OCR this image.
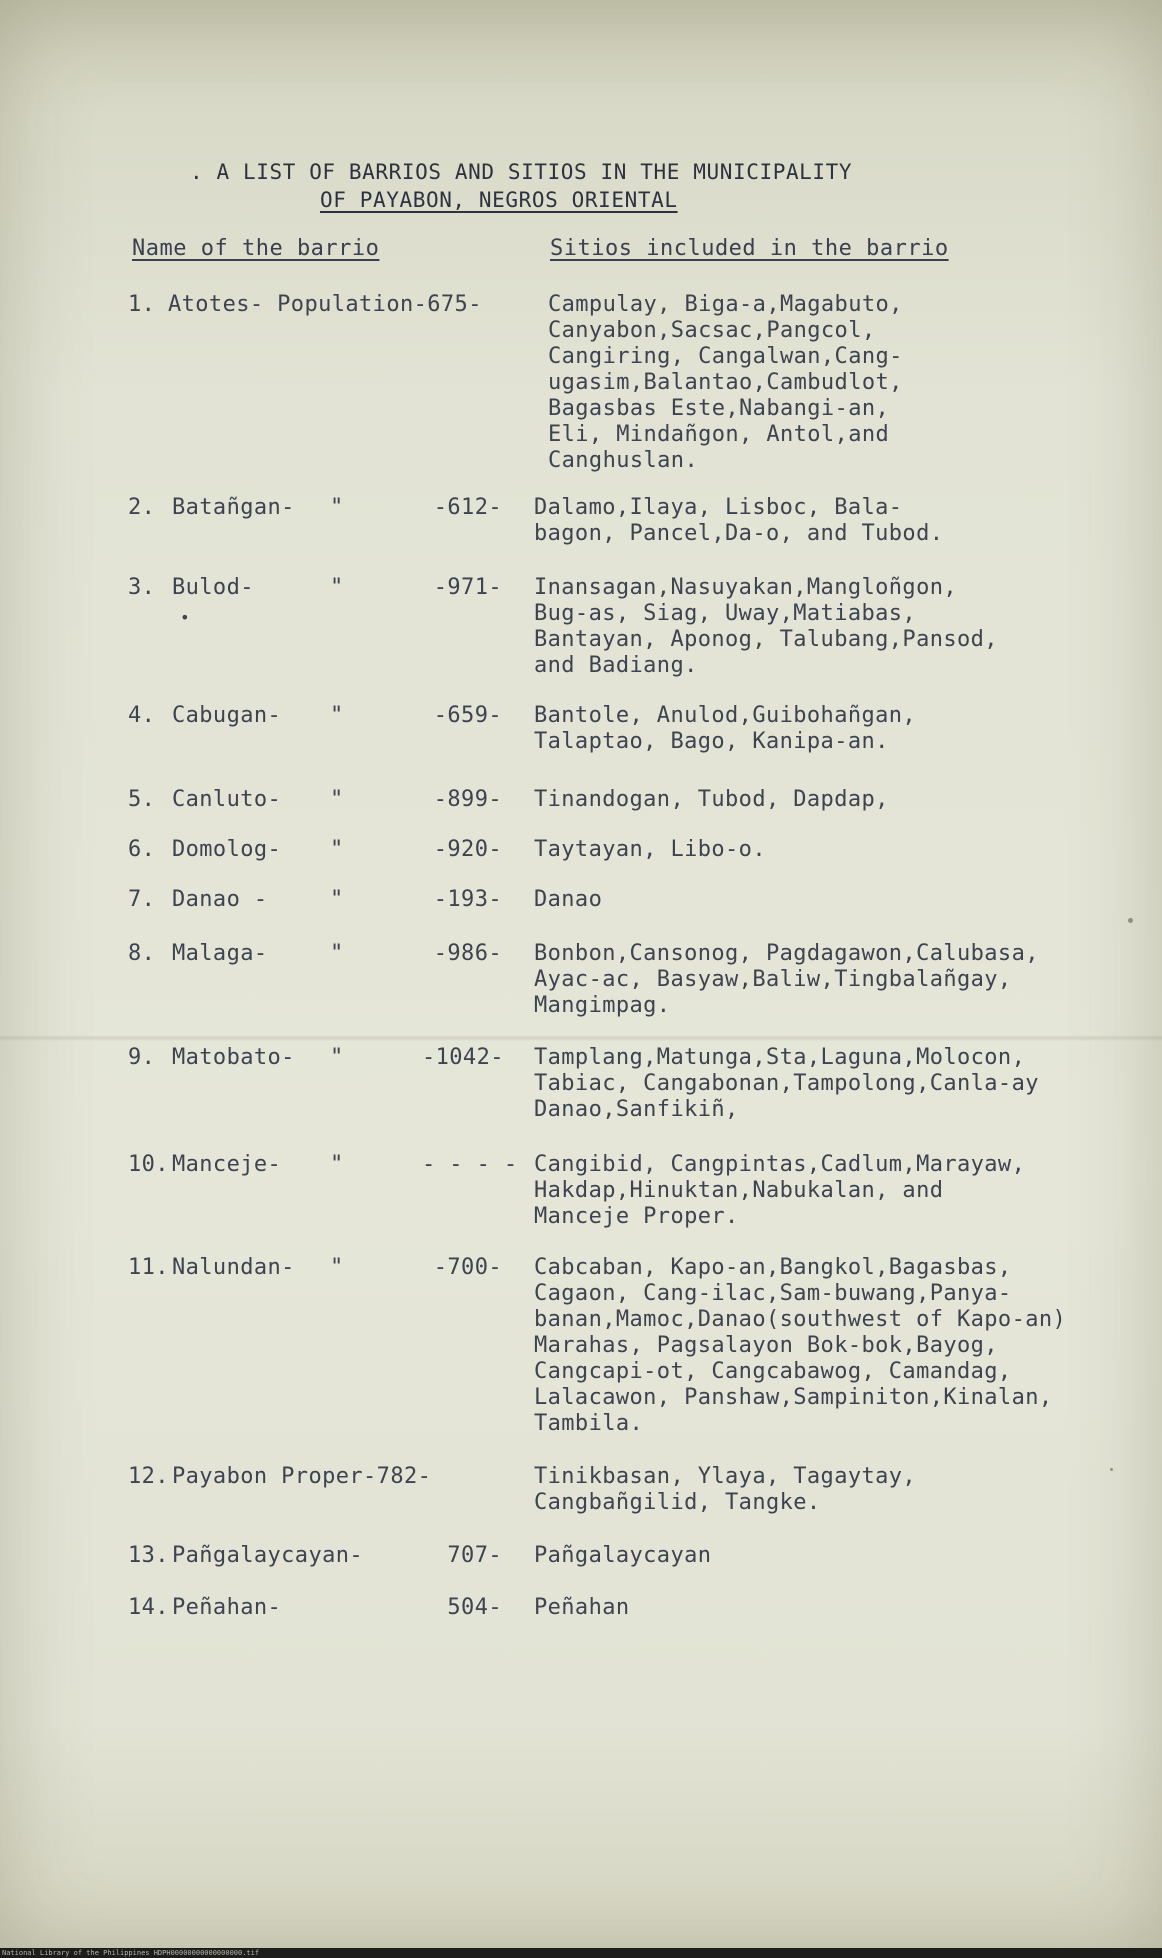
. A LIST OF BARRIOS AND SITIOS IN THE MUNICIPALITY
OF PAYABON, NEGROS ORIENTAL
Name of the barrio	Sitios included in the barrio
1. Atotes- Population-675-	Campulay, Biga-a,Magabuto,
Canyabon,Sacsac,Pangcol,
Cangiring, Cangalwan,Cang-
ugasim,Balantao,Cambudlot,
Bagasbas Este,Nabangi-an,
Eli, Mindañgon, Antol,and
Canghuslan.
2. Batañgan- "	-612- Dalamo,Ilaya, Lisboc, Bala-
bagon, Pancel,Da-o, and Tubod.
3. Bulod-	"	-971- Inansagan,Nasuyakan,Mangloñgon,
Bug-as, Siag, Uway,Matiabas,
Bantayan, Aponog, Talubang,Pansod,
and Badiang.
•
4. Cabugan- "	-659- Bantole, Anulod,Guibohañgan,
Talaptao, Bago, Kanipa-an.
5. Canluto- "	-899- Tinandogan, Tubod, Dapdap,
6. Domolog- "	-920- Taytayan, Libo-o.
7. Danao -	"	-193- Danao
8. Malaga-	"	-986- Bonbon,Cansonog, Pagdagawon,Calubasa,
Ayac-ac, Basyaw,Baliw,Tingbalañgay,
Mangimpag.
9. Matobato- "	-1042- Tamplang,Matunga,Sta,Laguna,Molocon,
Tabiac, Cangabonan,Tampolong,Canla-ay
Danao,Sanfikiñ,
10. Manceje- "	- - - - Cangibid, Cangpintas,Cadlum,Marayaw,
Hakdap,Hinuktan,Nabukalan, and
Manceje Proper.
11. Nalundan- "	-700- Cabcaban, Kapo-an,Bangkol,Bagasbas,
Cagaon, Cang-ilac,Sam-buwang,Panya-
banan,Mamoc,Danao(southwest of Kapo-an)
Marahas, Pagsalayon Bok-bok,Bayog,
Cangcapi-ot, Cangcabawog, Camandag,
Lalacawon, Panshaw,Sampiniton,Kinalan,
Tambila.
12. Payabon Proper-782-	Tinikbasan, Ylaya, Tagaytay,
Cangbañgilid, Tangke.
13. Pañgalaycayan-	707- Pañgalaycayan
14. Peñahan-	504- Peñahan
National Library of the Philippines HDPH00000000000000000.tif
